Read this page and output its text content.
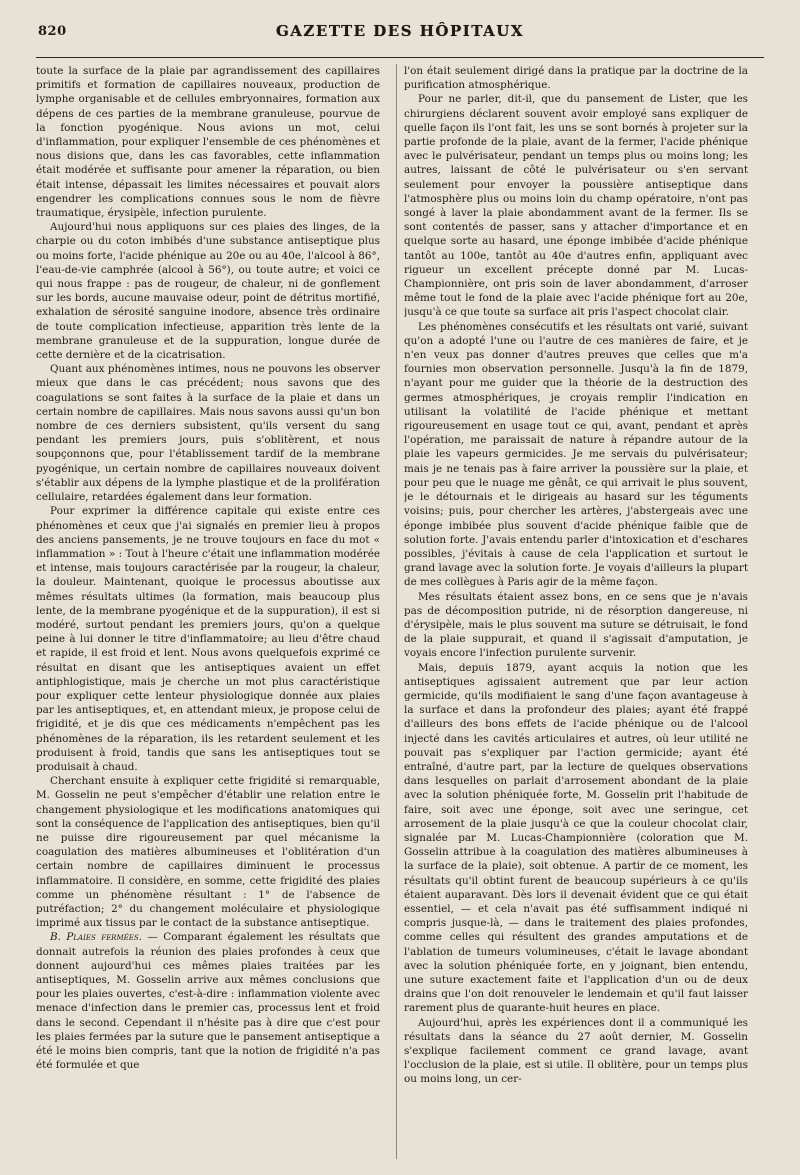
820	GAZETTE DES HÔPITAUX

toute la surface de la plaie par agrandissement des capillaires primitifs et formation de capillaires nouveaux, production de lymphe organisable et de cellules embryonnaires, formation aux dépens de ces parties de la membrane granuleuse, pourvue de la fonction pyogénique. Nous avions un mot, celui d'inflammation, pour expliquer l'ensemble de ces phénomènes et nous disions que, dans les cas favorables, cette inflammation était modérée et suffisante pour amener la réparation, ou bien était intense, dépassait les limites nécessaires et pouvait alors engendrer les complications connues sous le nom de fièvre traumatique, érysipèle, infection purulente.

Aujourd'hui nous appliquons sur ces plaies des linges, de la charpie ou du coton imbibés d'une substance antiseptique plus ou moins forte, l'acide phénique au 20e ou au 40e, l'alcool à 86°, l'eau-de-vie camphrée (alcool à 56°), ou toute autre; et voici ce qui nous frappe : pas de rougeur, de chaleur, ni de gonflement sur les bords, aucune mauvaise odeur, point de détritus mortifié, exhalation de sérosité sanguine inodore, absence très ordinaire de toute complication infectieuse, apparition très lente de la membrane granuleuse et de la suppuration, longue durée de cette dernière et de la cicatrisation.

Quant aux phénomènes intimes, nous ne pouvons les observer mieux que dans le cas précédent; nous savons que des coagulations se sont faites à la surface de la plaie et dans un certain nombre de capillaires. Mais nous savons aussi qu'un bon nombre de ces derniers subsistent, qu'ils versent du sang pendant les premiers jours, puis s'oblitèrent, et nous soupçonnons que, pour l'établissement tardif de la membrane pyogénique, un certain nombre de capillaires nouveaux doivent s'établir aux dépens de la lymphe plastique et de la prolifération cellulaire, retardées également dans leur formation.

Pour exprimer la différence capitale qui existe entre ces phénomènes et ceux que j'ai signalés en premier lieu à propos des anciens pansements, je ne trouve toujours en face du mot « inflammation » : Tout à l'heure c'était une inflammation modérée et intense, mais toujours caractérisée par la rougeur, la chaleur, la douleur. Maintenant, quoique le processus aboutisse aux mêmes résultats ultimes (la formation, mais beaucoup plus lente, de la membrane pyogénique et de la suppuration), il est si modéré, surtout pendant les premiers jours, qu'on a quelque peine à lui donner le titre d'inflammatoire; au lieu d'être chaud et rapide, il est froid et lent. Nous avons quelquefois exprimé ce résultat en disant que les antiseptiques avaient un effet antiphlogistique, mais je cherche un mot plus caractéristique pour expliquer cette lenteur physiologique donnée aux plaies par les antiseptiques, et, en attendant mieux, je propose celui de frigidité, et je dis que ces médicaments n'empêchent pas les phénomènes de la réparation, ils les retardent seulement et les produisent à froid, tandis que sans les antiseptiques tout se produisait à chaud.

Cherchant ensuite à expliquer cette frigidité si remarquable, M. Gosselin ne peut s'empêcher d'établir une relation entre le changement physiologique et les modifications anatomiques qui sont la conséquence de l'application des antiseptiques, bien qu'il ne puisse dire rigoureusement par quel mécanisme la coagulation des matières albumineuses et l'oblitération d'un certain nombre de capillaires diminuent le processus inflammatoire. Il considère, en somme, cette frigidité des plaies comme un phénomène résultant : 1° de l'absence de putréfaction; 2° du changement moléculaire et physiologique imprimé aux tissus par le contact de la substance antiseptique.

B. Plaies fermées. — Comparant également les résultats que donnait autrefois la réunion des plaies profondes à ceux que donnent aujourd'hui ces mêmes plaies traitées par les antiseptiques, M. Gosselin arrive aux mêmes conclusions que pour les plaies ouvertes, c'est-à-dire : inflammation violente avec menace d'infection dans le premier cas, processus lent et froid dans le second. Cependant il n'hésite pas à dire que c'est pour les plaies fermées par la suture que le pansement antiseptique a été le moins bien compris, tant que la notion de frigidité n'a pas été formulée et que

l'on était seulement dirigé dans la pratique par la doctrine de la purification atmosphérique.

Pour ne parler, dit-il, que du pansement de Lister, que les chirurgiens déclarent souvent avoir employé sans expliquer de quelle façon ils l'ont fait, les uns se sont bornés à projeter sur la partie profonde de la plaie, avant de la fermer, l'acide phénique avec le pulvérisateur, pendant un temps plus ou moins long; les autres, laissant de côté le pulvérisateur ou s'en servant seulement pour envoyer la poussière antiseptique dans l'atmosphère plus ou moins loin du champ opératoire, n'ont pas songé à laver la plaie abondamment avant de la fermer. Ils se sont contentés de passer, sans y attacher d'importance et en quelque sorte au hasard, une éponge imbibée d'acide phénique tantôt au 100e, tantôt au 40e d'autres enfin, appliquant avec rigueur un excellent précepte donné par M. Lucas-Championnière, ont pris soin de laver abondamment, d'arroser même tout le fond de la plaie avec l'acide phénique fort au 20e, jusqu'à ce que toute sa surface ait pris l'aspect chocolat clair.

Les phénomènes consécutifs et les résultats ont varié, suivant qu'on a adopté l'une ou l'autre de ces manières de faire, et je n'en veux pas donner d'autres preuves que celles que m'a fournies mon observation personnelle. Jusqu'à la fin de 1879, n'ayant pour me guider que la théorie de la destruction des germes atmosphériques, je croyais remplir l'indication en utilisant la volatilité de l'acide phénique et mettant rigoureusement en usage tout ce qui, avant, pendant et après l'opération, me paraissait de nature à répandre autour de la plaie les vapeurs germicides. Je me servais du pulvérisateur; mais je ne tenais pas à faire arriver la poussière sur la plaie, et pour peu que le nuage me gênât, ce qui arrivait le plus souvent, je le détournais et le dirigeais au hasard sur les téguments voisins; puis, pour chercher les artères, j'abstergeais avec une éponge imbibée plus souvent d'acide phénique faible que de solution forte. J'avais entendu parler d'intoxication et d'eschares possibles, j'évitais à cause de cela l'application et surtout le grand lavage avec la solution forte. Je voyais d'ailleurs la plupart de mes collègues à Paris agir de la même façon.

Mes résultats étaient assez bons, en ce sens que je n'avais pas de décomposition putride, ni de résorption dangereuse, ni d'érysipèle, mais le plus souvent ma suture se détruisait, le fond de la plaie suppurait, et quand il s'agissait d'amputation, je voyais encore l'infection purulente survenir.

Mais, depuis 1879, ayant acquis la notion que les antiseptiques agissaient autrement que par leur action germicide, qu'ils modifiaient le sang d'une façon avantageuse à la surface et dans la profondeur des plaies; ayant été frappé d'ailleurs des bons effets de l'acide phénique ou de l'alcool injecté dans les cavités articulaires et autres, où leur utilité ne pouvait pas s'expliquer par l'action germicide; ayant été entraîné, d'autre part, par la lecture de quelques observations dans lesquelles on parlait d'arrosement abondant de la plaie avec la solution phéniquée forte, M. Gosselin prit l'habitude de faire, soit avec une éponge, soit avec une seringue, cet arrosement de la plaie jusqu'à ce que la couleur chocolat clair, signalée par M. Lucas-Championnière (coloration que M. Gosselin attribue à la coagulation des matières albumineuses à la surface de la plaie), soit obtenue. A partir de ce moment, les résultats qu'il obtint furent de beaucoup supérieurs à ce qu'ils étaient auparavant. Dès lors il devenait évident que ce qui était essentiel, — et cela n'avait pas été suffisamment indiqué ni compris jusque-là, — dans le traitement des plaies profondes, comme celles qui résultent des grandes amputations et de l'ablation de tumeurs volumineuses, c'était le lavage abondant avec la solution phéniquée forte, en y joignant, bien entendu, une suture exactement faite et l'application d'un ou de deux drains que l'on doit renouveler le lendemain et qu'il faut laisser rarement plus de quarante-huit heures en place.

Aujourd'hui, après les expériences dont il a communiqué les résultats dans la séance du 27 août dernier, M. Gosselin s'explique facilement comment ce grand lavage, avant l'occlusion de la plaie, est si utile. Il oblitère, pour un temps plus ou moins long, un cer-
